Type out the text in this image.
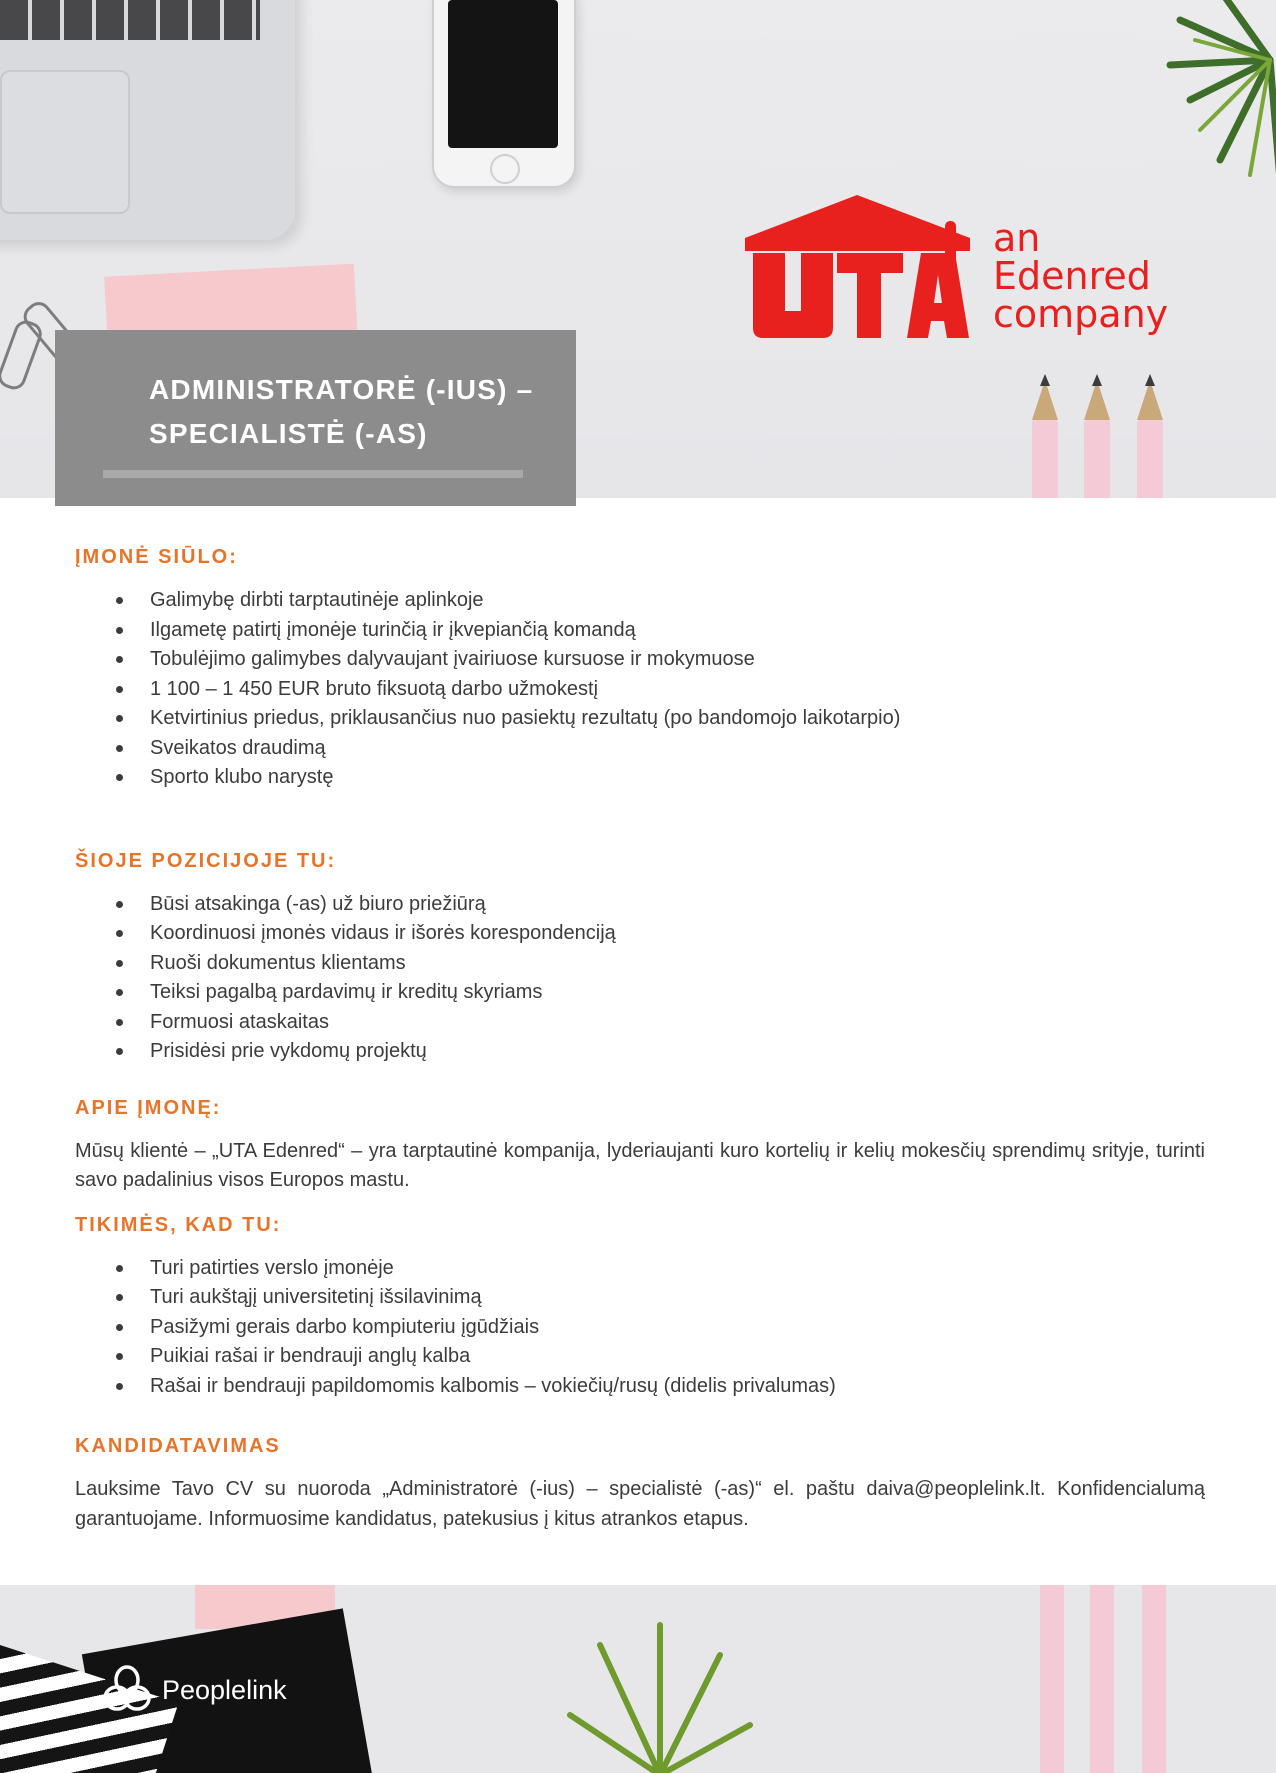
an
Edenred
company
ADMINISTRATORĖ (-IUS) –
SPECIALISTĖ (-AS)
ĮMONĖ SIŪLO:
Galimybę dirbti tarptautinėje aplinkoje
Ilgametę patirtį įmonėje turinčią ir įkvepiančią komandą
Tobulėjimo galimybes dalyvaujant įvairiuose kursuose ir mokymuose
1 100 – 1 450 EUR bruto fiksuotą darbo užmokestį
Ketvirtinius priedus, priklausančius nuo pasiektų rezultatų (po bandomojo laikotarpio)
Sveikatos draudimą
Sporto klubo narystę
ŠIOJE POZICIJOJE TU:
Būsi atsakinga (-as) už biuro priežiūrą
Koordinuosi įmonės vidaus ir išorės korespondenciją
Ruoši dokumentus klientams
Teiksi pagalbą pardavimų ir kreditų skyriams
Formuosi ataskaitas
Prisidėsi prie vykdomų projektų
APIE ĮMONĘ:

Mūsų klientė – „UTA Edenred“ – yra tarptautinė kompanija, lyderiaujanti kuro kortelių ir kelių mokesčių sprendimų srityje, turinti savo padalinius visos Europos mastu.

TIKIMĖS, KAD TU:
Turi patirties verslo įmonėje
Turi aukštąjį universitetinį išsilavinimą
Pasižymi gerais darbo kompiuteriu įgūdžiais
Puikiai rašai ir bendrauji anglų kalba
Rašai ir bendrauji papildomomis kalbomis – vokiečių/rusų (didelis privalumas)
KANDIDATAVIMAS

Lauksime Tavo CV su nuoroda „Administratorė (-ius) – specialistė (-as)“ el. paštu daiva@peoplelink.lt. Konfidencialumą garantuojame. Informuosime kandidatus, patekusius į kitus atrankos etapus.

Peoplelink
